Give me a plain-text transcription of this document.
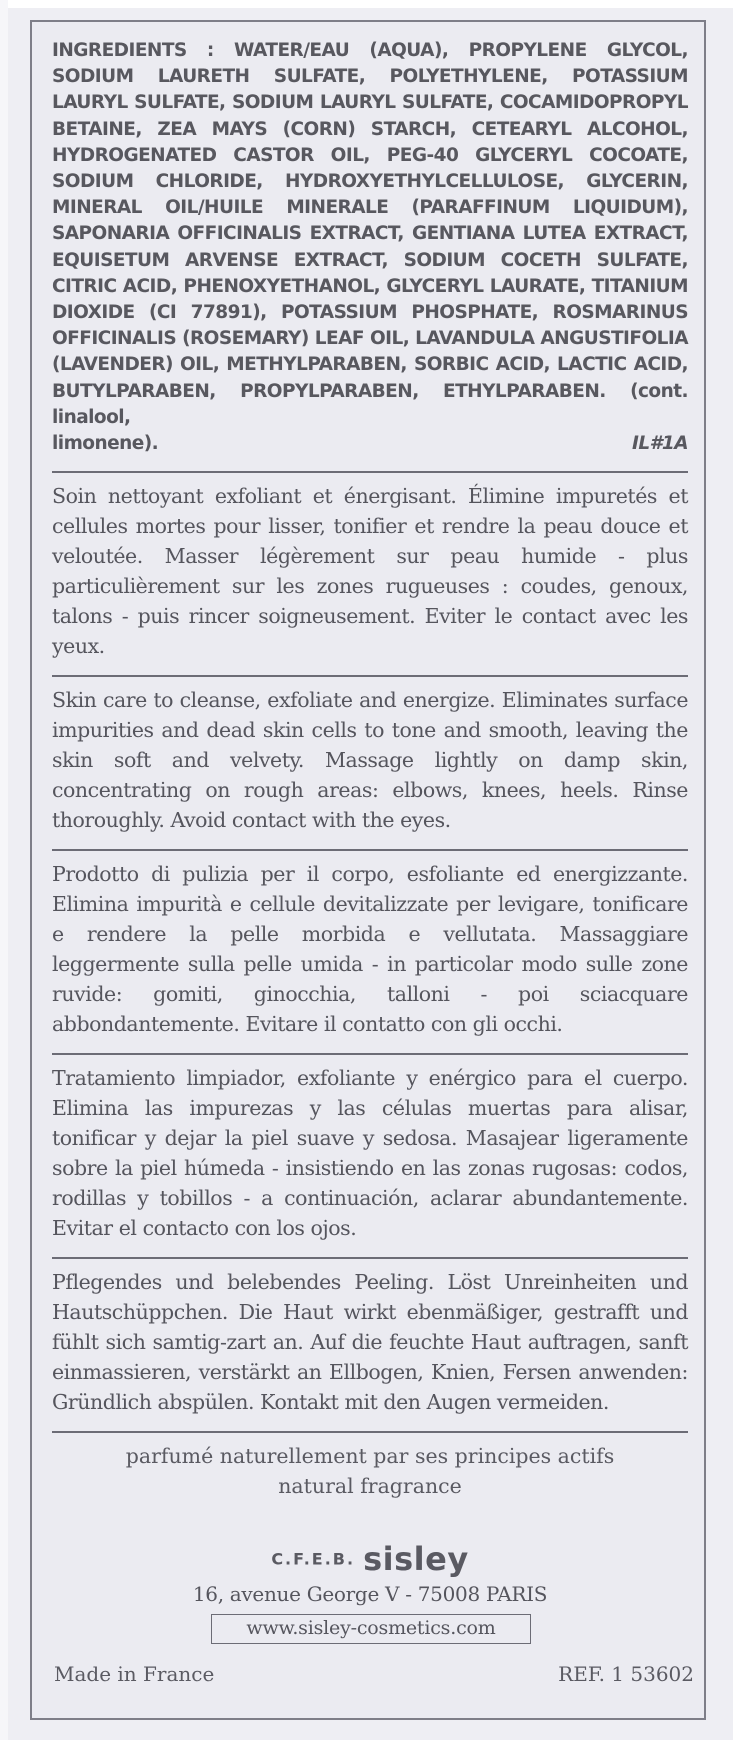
INGREDIENTS : WATER/EAU (AQUA), PROPYLENE GLYCOL, SODIUM LAURETH SULFATE, POLYETHYLENE, POTASSIUM LAURYL SULFATE, SODIUM LAURYL SULFATE, COCAMIDOPROPYL BETAINE, ZEA MAYS (CORN) STARCH, CETEARYL ALCOHOL, HYDROGENATED CASTOR OIL, PEG-40 GLYCERYL COCOATE, SODIUM CHLORIDE, HYDROXYETHYLCELLULOSE, GLYCERIN, MINERAL OIL/HUILE MINERALE (PARAFFINUM LIQUIDUM), SAPONARIA OFFICINALIS EXTRACT, GENTIANA LUTEA EXTRACT, EQUISETUM ARVENSE EXTRACT, SODIUM COCETH SULFATE, CITRIC ACID, PHENOXYETHANOL, GLYCERYL LAURATE, TITANIUM DIOXIDE (CI 77891), POTASSIUM PHOSPHATE, ROSMARINUS OFFICINALIS (ROSEMARY) LEAF OIL, LAVANDULA ANGUSTIFOLIA (LAVENDER) OIL, METHYLPARABEN, SORBIC ACID, LACTIC ACID, BUTYLPARABEN, PROPYLPARABEN, ETHYLPARABEN. (cont. linalool,

limonene).	IL#1A

Soin nettoyant exfoliant et énergisant. Élimine impuretés et cellules mortes pour lisser, tonifier et rendre la peau douce et veloutée. Masser légèrement sur peau humide - plus particulièrement sur les zones rugueuses : coudes, genoux, talons - puis rincer soigneusement. Eviter le contact avec les yeux.

Skin care to cleanse, exfoliate and energize. Eliminates surface impurities and dead skin cells to tone and smooth, leaving the skin soft and velvety. Massage lightly on damp skin, concentrating on rough areas: elbows, knees, heels. Rinse thoroughly. Avoid contact with the eyes.

Prodotto di pulizia per il corpo, esfoliante ed energizzante. Elimina impurità e cellule devitalizzate per levigare, tonificare e rendere la pelle morbida e vellutata. Massaggiare leggermente sulla pelle umida - in particolar modo sulle zone ruvide: gomiti, ginocchia, talloni - poi sciacquare abbondantemente. Evitare il contatto con gli occhi.

Tratamiento limpiador, exfoliante y enérgico para el cuerpo. Elimina las impurezas y las células muertas para alisar, tonificar y dejar la piel suave y sedosa. Masajear ligeramente sobre la piel húmeda - insistiendo en las zonas rugosas: codos, rodillas y tobillos - a continuación, aclarar abundantemente. Evitar el contacto con los ojos.

Pflegendes und belebendes Peeling. Löst Unreinheiten und Hautschüppchen. Die Haut wirkt ebenmäßiger, gestrafft und fühlt sich samtig-zart an. Auf die feuchte Haut auftragen, sanft einmassieren, verstärkt an Ellbogen, Knien, Fersen anwenden: Gründlich abspülen. Kontakt mit den Augen vermeiden.

parfumé naturellement par ses principes actifs

natural fragrance

C.F.E.B. sisley
16, avenue George V - 75008 PARIS
www.sisley-cosmetics.com
Made in France	REF. 1 53602
